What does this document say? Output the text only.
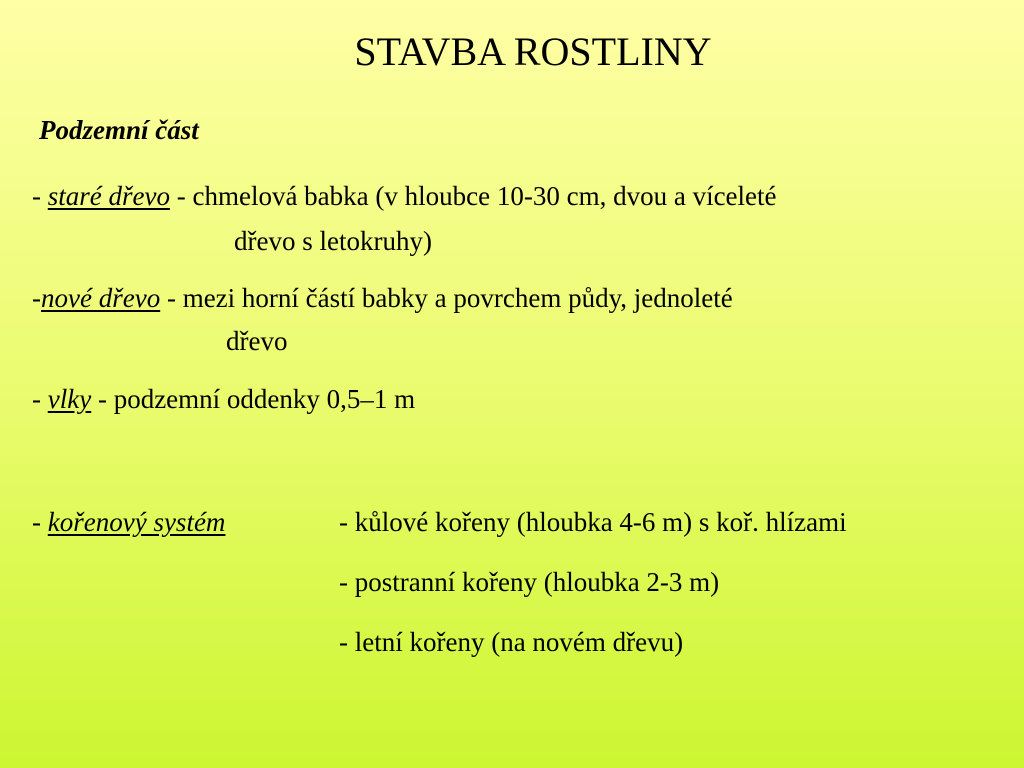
STAVBA ROSTLINY
Podzemní část
- staré dřevo - chmelová babka (v hloubce 10-30 cm, dvou a víceleté
dřevo s letokruhy)
-nové dřevo - mezi horní částí babky a povrchem půdy, jednoleté
dřevo
- vlky - podzemní oddenky 0,5–1 m
- kořenový systém	- kůlové kořeny (hloubka 4-6 m) s koř. hlízami
- postranní kořeny (hloubka 2-3 m)
- letní kořeny (na novém dřevu)
